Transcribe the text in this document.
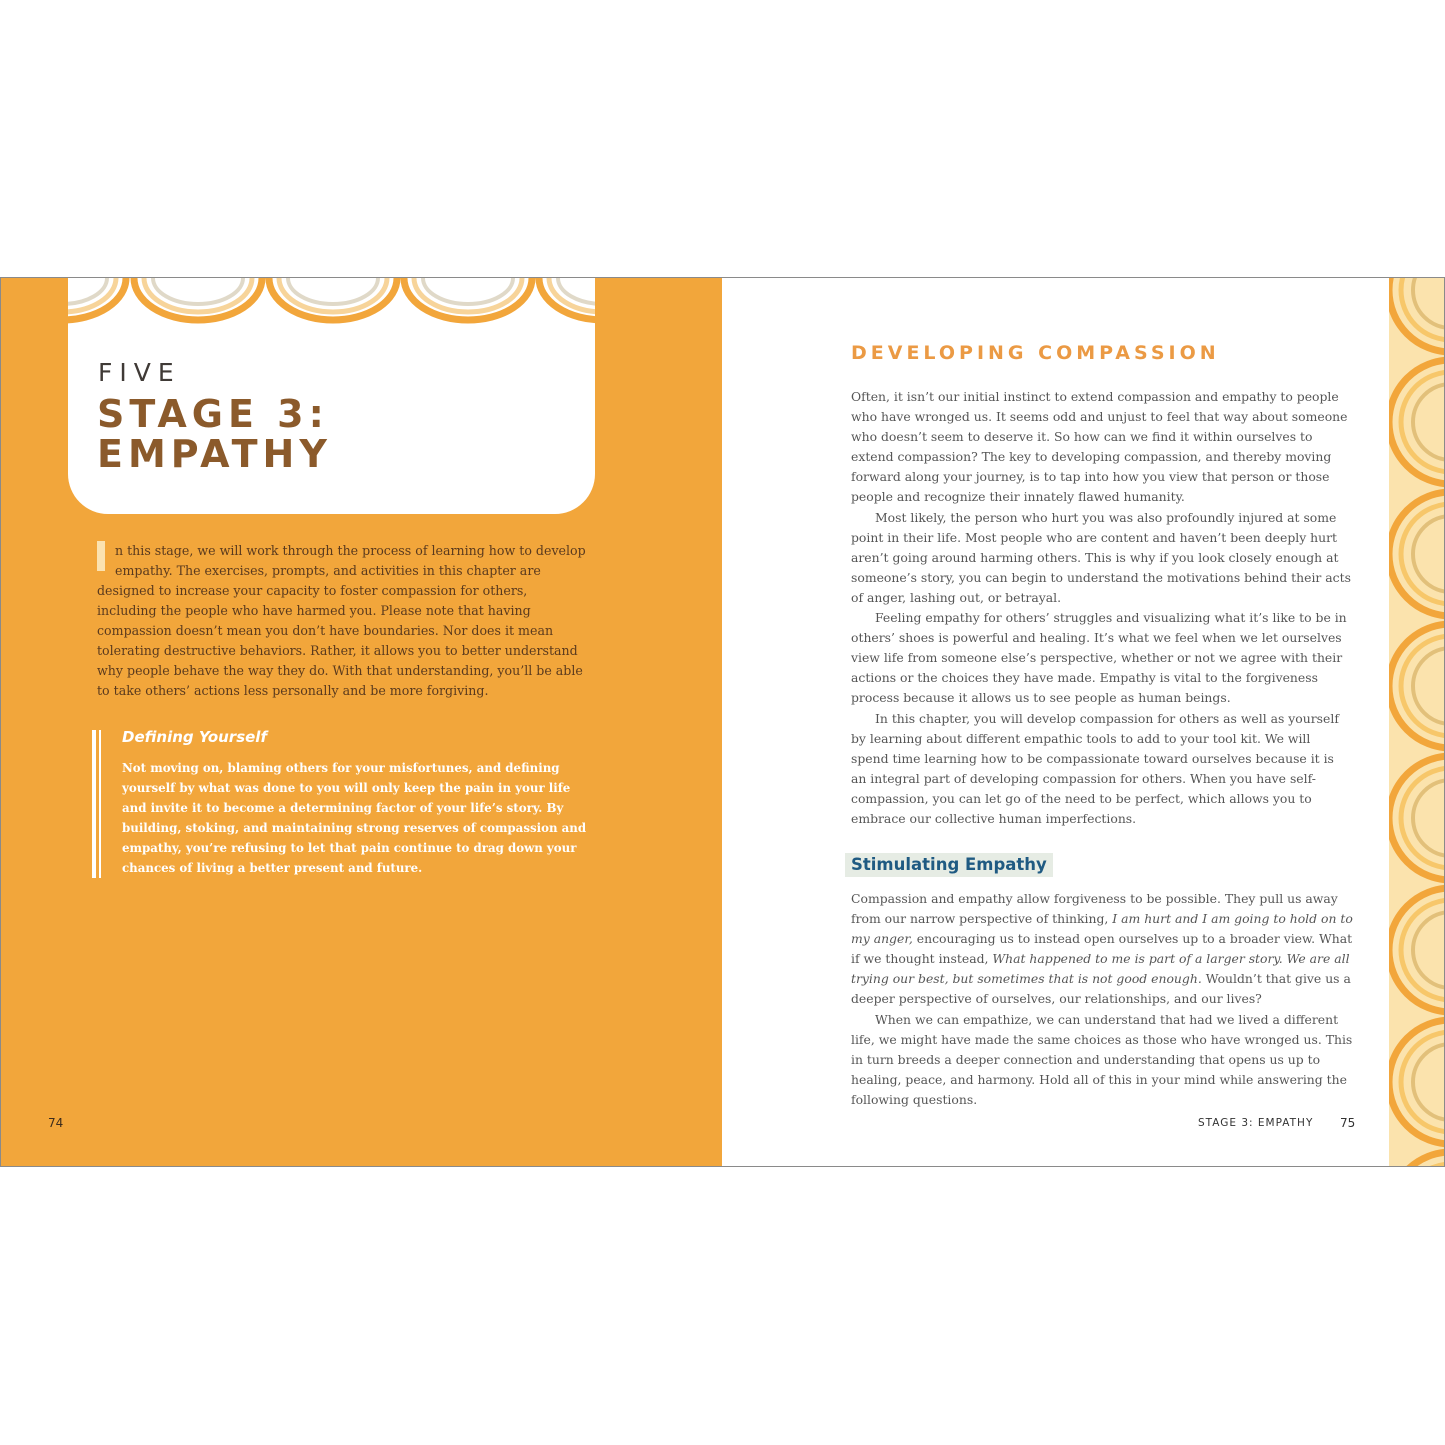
FIVE
STAGE 3:
EMPATHY

n this stage, we will work through the process of learning how to develop empathy. The exercises, prompts, and activities in this chapter are designed to increase your capacity to foster compassion for others, including the people who have harmed you. Please note that having compassion doesn’t mean you don’t have boundaries. Nor does it mean tolerating destructive behaviors. Rather, it allows you to better understand why people behave the way they do. With that understanding, you’ll be able to take others’ actions less personally and be more forgiving.

Defining Yourself
Not moving on, blaming others for your misfortunes, and defining yourself by what was done to you will only keep the pain in your life and invite it to become a determining factor of your life’s story. By building, stoking, and maintaining strong reserves of compassion and empathy, you’re refusing to let that pain continue to drag down your chances of living a better present and future.
74
DEVELOPING COMPASSION

Often, it isn’t our initial instinct to extend compassion and empathy to people who have wronged us. It seems odd and unjust to feel that way about someone who doesn’t seem to deserve it. So how can we find it within ourselves to extend compassion? The key to developing compassion, and thereby moving forward along your journey, is to tap into how you view that person or those people and recognize their innately flawed humanity.

Most likely, the person who hurt you was also profoundly injured at some point in their life. Most people who are content and haven’t been deeply hurt aren’t going around harming others. This is why if you look closely enough at someone’s story, you can begin to understand the motivations behind their acts of anger, lashing out, or betrayal.

Feeling empathy for others’ struggles and visualizing what it’s like to be in others’ shoes is powerful and healing. It’s what we feel when we let ourselves view life from someone else’s perspective, whether or not we agree with their actions or the choices they have made. Empathy is vital to the forgiveness process because it allows us to see people as human beings.

In this chapter, you will develop compassion for others as well as yourself by learning about different empathic tools to add to your tool kit. We will spend time learning how to be compassionate toward ourselves because it is an integral part of developing compassion for others. When you have self-compassion, you can let go of the need to be perfect, which allows you to embrace our collective human imperfections.

Stimulating Empathy

Compassion and empathy allow forgiveness to be possible. They pull us away from our narrow perspective of thinking, I am hurt and I am going to hold on to my anger, encouraging us to instead open ourselves up to a broader view. What if we thought instead, What happened to me is part of a larger story. We are all trying our best, but sometimes that is not good enough. Wouldn’t that give us a deeper perspective of ourselves, our relationships, and our lives?

When we can empathize, we can understand that had we lived a different life, we might have made the same choices as those who have wronged us. This in turn breeds a deeper connection and understanding that opens us up to healing, peace, and harmony. Hold all of this in your mind while answering the following questions.

STAGE 3: EMPATHY 75
